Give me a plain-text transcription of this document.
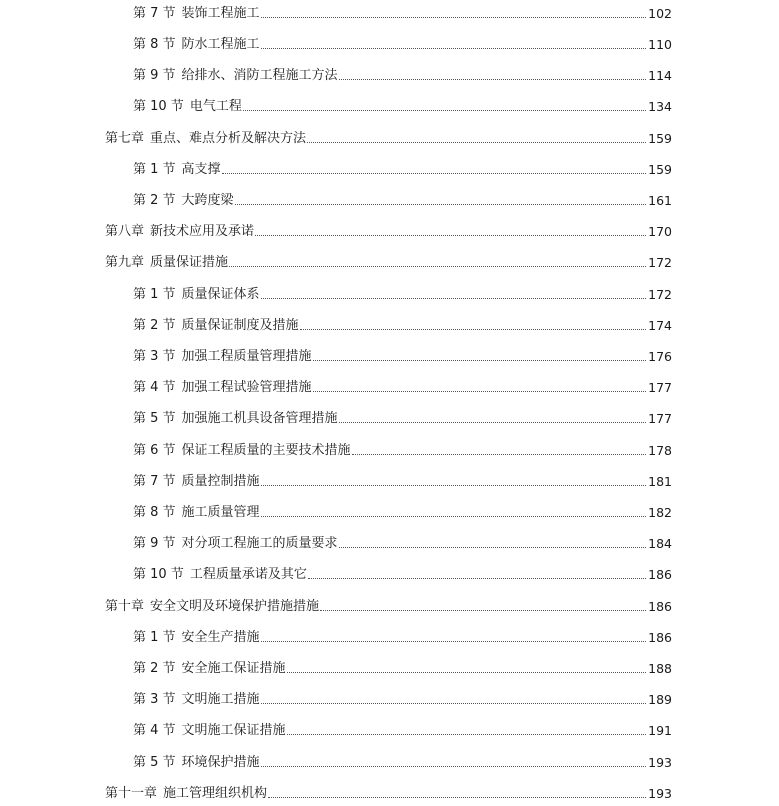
第 7 节 装饰工程施工	102
第 8 节 防水工程施工	110
第 9 节 给排水、消防工程施工方法	114
第 10 节 电气工程	134
第七章 重点、难点分析及解决方法	159
第 1 节 高支撑	159
第 2 节 大跨度梁	161
第八章 新技术应用及承诺	170
第九章 质量保证措施	172
第 1 节 质量保证体系	172
第 2 节 质量保证制度及措施	174
第 3 节 加强工程质量管理措施	176
第 4 节 加强工程试验管理措施	177
第 5 节 加强施工机具设备管理措施	177
第 6 节 保证工程质量的主要技术措施	178
第 7 节 质量控制措施	181
第 8 节 施工质量管理	182
第 9 节 对分项工程施工的质量要求	184
第 10 节 工程质量承诺及其它	186
第十章 安全文明及环境保护措施措施	186
第 1 节 安全生产措施	186
第 2 节 安全施工保证措施	188
第 3 节 文明施工措施	189
第 4 节 文明施工保证措施	191
第 5 节 环境保护措施	193
第十一章 施工管理组织机构	193
